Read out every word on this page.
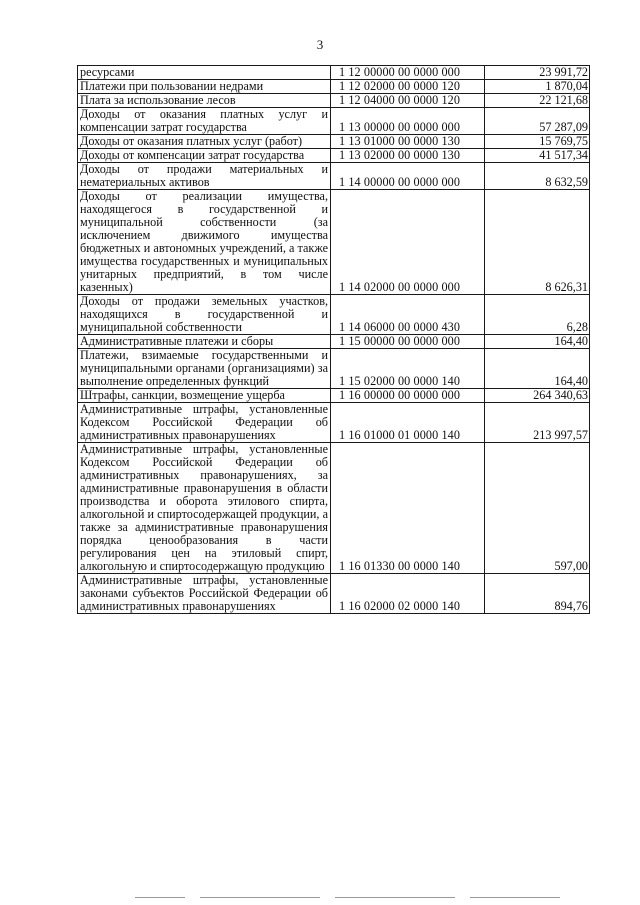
3
ресурсами	1 12 00000 00 0000 000	23 991,72
Платежи при пользовании недрами	1 12 02000 00 0000 120	1 870,04
Плата за использование лесов	1 12 04000 00 0000 120	22 121,68
Доходы от оказания платных услуг и компенсации затрат государства	1 13 00000 00 0000 000	57 287,09
Доходы от оказания платных услуг (работ)	1 13 01000 00 0000 130	15 769,75
Доходы от компенсации затрат государства	1 13 02000 00 0000 130	41 517,34
Доходы от продажи материальных и нематериальных активов	1 14 00000 00 0000 000	8 632,59
Доходы от реализации имущества, находящегося в государственной и муниципальной собственности (за исключением движимого имущества бюджетных и автономных учреждений, а также имущества государственных и муниципальных унитарных предприятий, в том числе казенных)	1 14 02000 00 0000 000	8 626,31
Доходы от продажи земельных участков, находящихся в государственной и муниципальной собственности	1 14 06000 00 0000 430	6,28
Административные платежи и сборы	1 15 00000 00 0000 000	164,40
Платежи, взимаемые государственными и муниципальными органами (организациями) за выполнение определенных функций	1 15 02000 00 0000 140	164,40
Штрафы, санкции, возмещение ущерба	1 16 00000 00 0000 000	264 340,63
Административные штрафы, установленные Кодексом Российской Федерации об административных правонарушениях	1 16 01000 01 0000 140	213 997,57
Административные штрафы, установленные Кодексом Российской Федерации об административных правонарушениях, за административные правонарушения в области производства и оборота этилового спирта, алкогольной и спиртосодержащей продукции, а также за административные правонарушения порядка ценообразования в части регулирования цен на этиловый спирт, алкогольную и спиртосодержащую продукцию	1 16 01330 00 0000 140	597,00
Административные штрафы, установленные законами субъектов Российской Федерации об административных правонарушениях	1 16 02000 02 0000 140	894,76
